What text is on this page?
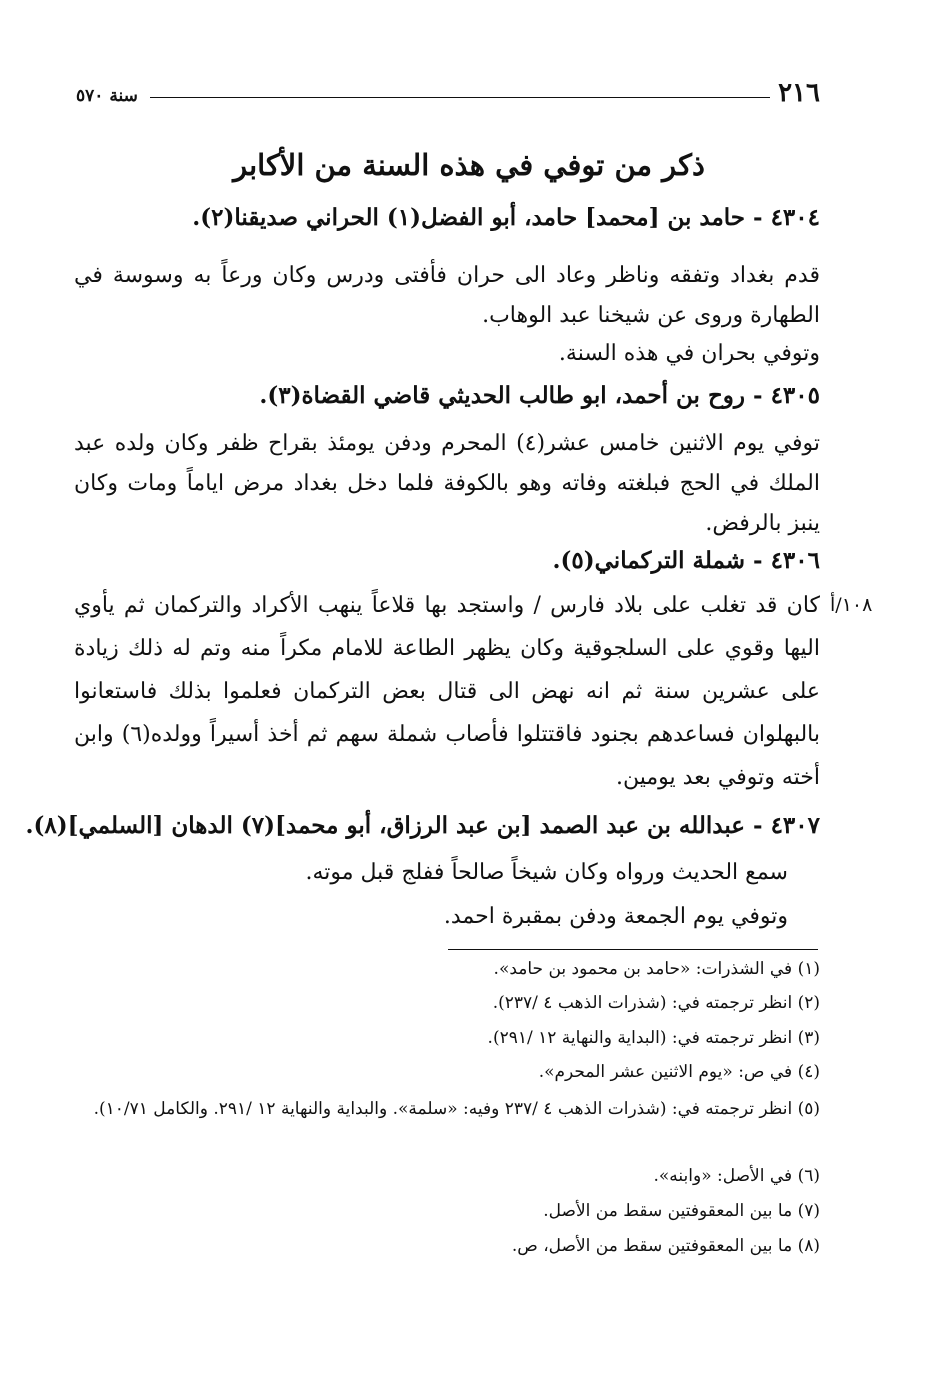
٢١٦
سنة ٥٧٠
ذكر من توفي في هذه السنة من الأكابر
٤٣٠٤ - حامد بن [محمد] حامد، أبو الفضل(١) الحراني صديقنا(٢).
قدم بغداد وتفقه وناظر وعاد الى حران فأفتى ودرس وكان ورعاً به وسوسة في الطهارة وروى عن شيخنا عبد الوهاب.
وتوفي بحران في هذه السنة.
٤٣٠٥ - روح بن أحمد، ابو طالب الحديثي قاضي القضاة(٣).
توفي يوم الاثنين خامس عشر(٤) المحرم ودفن يومئذ بقراح ظفر وكان ولده عبد الملك في الحج فبلغته وفاته وهو بالكوفة فلما دخل بغداد مرض اياماً ومات وكان ينبز بالرفض.
٤٣٠٦ - شملة التركماني(٥).
١٠٨/أ
كان قد تغلب على بلاد فارس / واستجد بها قلاعاً ينهب الأكراد والتركمان ثم يأوي اليها وقوي على السلجوقية وكان يظهر الطاعة للامام مكراً منه وتم له ذلك زيادة على عشرين سنة ثم انه نهض الى قتال بعض التركمان فعلموا بذلك فاستعانوا بالبهلوان فساعدهم بجنود فاقتتلوا فأصاب شملة سهم ثم أخذ أسيراً وولده(٦) وابن أخته وتوفي بعد يومين.
٤٣٠٧ - عبدالله بن عبد الصمد [بن عبد الرزاق، أبو محمد](٧) الدهان [السلمي](٨).
سمع الحديث ورواه وكان شيخاً صالحاً ففلج قبل موته.
وتوفي يوم الجمعة ودفن بمقبرة احمد.
(١) في الشذرات: «حامد بن محمود بن حامد».
(٢) انظر ترجمته في: (شذرات الذهب ٤ /٢٣٧).
(٣) انظر ترجمته في: (البداية والنهاية ١٢ /٢٩١).
(٤) في ص: «يوم الاثنين عشر المحرم».
(٥) انظر ترجمته في: (شذرات الذهب ٤ /٢٣٧ وفيه: «سلمة». والبداية والنهاية ١٢ /٢٩١. والكامل ١٠/٧١).
(٦) في الأصل: «وابنه».
(٧) ما بين المعقوفتين سقط من الأصل.
(٨) ما بين المعقوفتين سقط من الأصل، ص.
